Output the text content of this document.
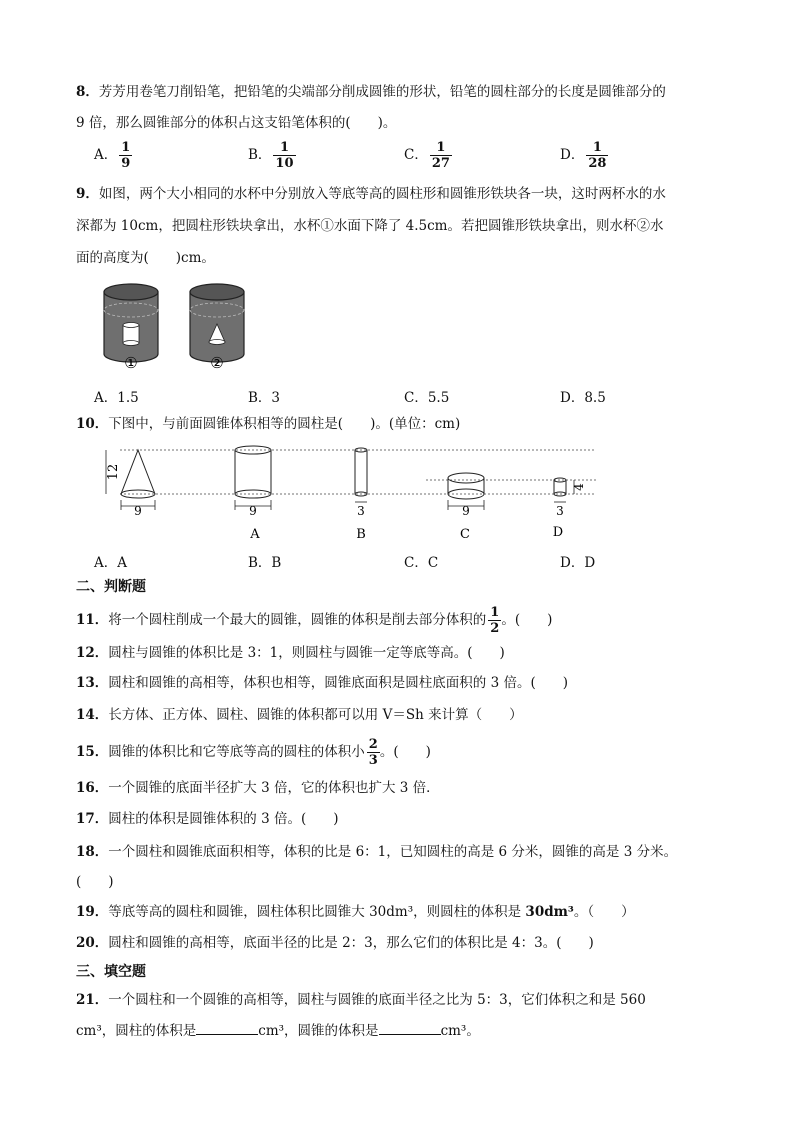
8．芳芳用卷笔刀削铅笔，把铅笔的尖端部分削成圆锥的形状，铅笔的圆柱部分的长度是圆锥部分的
9 倍，那么圆锥部分的体积占这支铅笔体积的(　　)。
A． $\frac{1}{9}$	B． $\frac{1}{10}$	C． $\frac{1}{27}$	D． $\frac{1}{28}$
9．如图，两个大小相同的水杯中分别放入等底等高的圆柱形和圆锥形铁块各一块，这时两杯水的水
深都为 10cm，把圆柱形铁块拿出，水杯①水面下降了 4.5cm。若把圆锥形铁块拿出，则水杯②水
面的高度为(　　)cm。
①	②
A．1.5	B．3	C．5.5	D．8.5
10．下图中，与前面圆锥体积相等的圆柱是(　　)。(单位：cm)
12
9	9
A
3
B
9
C
4
3
D
A．A	B．B	C．C	D．D
二、判断题
11．将一个圆柱削成一个最大的圆锥，圆锥的体积是削去部分体积的 $\frac{1}{2}$ 。(　　)
12．圆柱与圆锥的体积比是 3：1，则圆柱与圆锥一定等底等高。(　　)
13．圆柱和圆锥的高相等，体积也相等，圆锥底面积是圆柱底面积的 3 倍。(　　)
14．长方体、正方体、圆柱、圆锥的体积都可以用 V＝Sh 来计算（　　）
15．圆锥的体积比和它等底等高的圆柱的体积小 $\frac{2}{3}$ 。(　　)
16．一个圆锥的底面半径扩大 3 倍，它的体积也扩大 3 倍．
17．圆柱的体积是圆锥体积的 3 倍。(　　)
18．一个圆柱和圆锥底面积相等，体积的比是 6：1，已知圆柱的高是 6 分米，圆锥的高是 3 分米。
(　　)
19．等底等高的圆柱和圆锥，圆柱体积比圆锥大 30dm³，则圆柱的体积是 30dm³。（　　）
20．圆柱和圆锥的高相等，底面半径的比是 2：3，那么它们的体积比是 4：3。(　　)
三、填空题
21．一个圆柱和一个圆锥的高相等，圆柱与圆锥的底面半径之比为 5：3，它们体积之和是 560
cm³，圆柱的体积是	cm³，圆锥的体积是	cm³。
